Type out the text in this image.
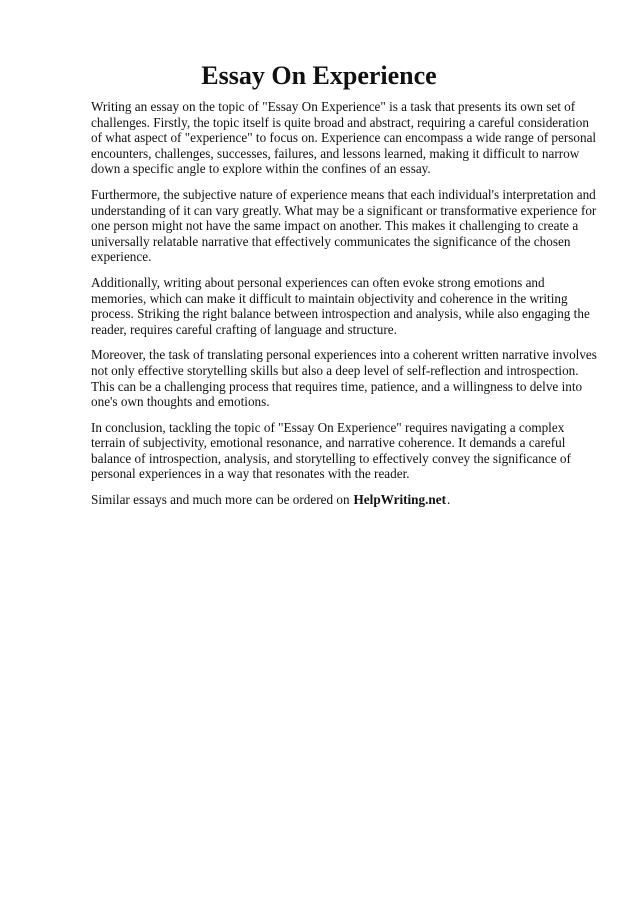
Essay On Experience

Writing an essay on the topic of "Essay On Experience" is a task that presents its own set of challenges. Firstly, the topic itself is quite broad and abstract, requiring a careful consideration of what aspect of "experience" to focus on. Experience can encompass a wide range of personal encounters, challenges, successes, failures, and lessons learned, making it difficult to narrow down a specific angle to explore within the confines of an essay.

Furthermore, the subjective nature of experience means that each individual's interpretation and understanding of it can vary greatly. What may be a significant or transformative experience for one person might not have the same impact on another. This makes it challenging to create a universally relatable narrative that effectively communicates the significance of the chosen experience.

Additionally, writing about personal experiences can often evoke strong emotions and memories, which can make it difficult to maintain objectivity and coherence in the writing process. Striking the right balance between introspection and analysis, while also engaging the reader, requires careful crafting of language and structure.

Moreover, the task of translating personal experiences into a coherent written narrative involves not only effective storytelling skills but also a deep level of self-reflection and introspection. This can be a challenging process that requires time, patience, and a willingness to delve into one's own thoughts and emotions.

In conclusion, tackling the topic of "Essay On Experience" requires navigating a complex terrain of subjectivity, emotional resonance, and narrative coherence. It demands a careful balance of introspection, analysis, and storytelling to effectively convey the significance of personal experiences in a way that resonates with the reader.

Similar essays and much more can be ordered on HelpWriting.net.
